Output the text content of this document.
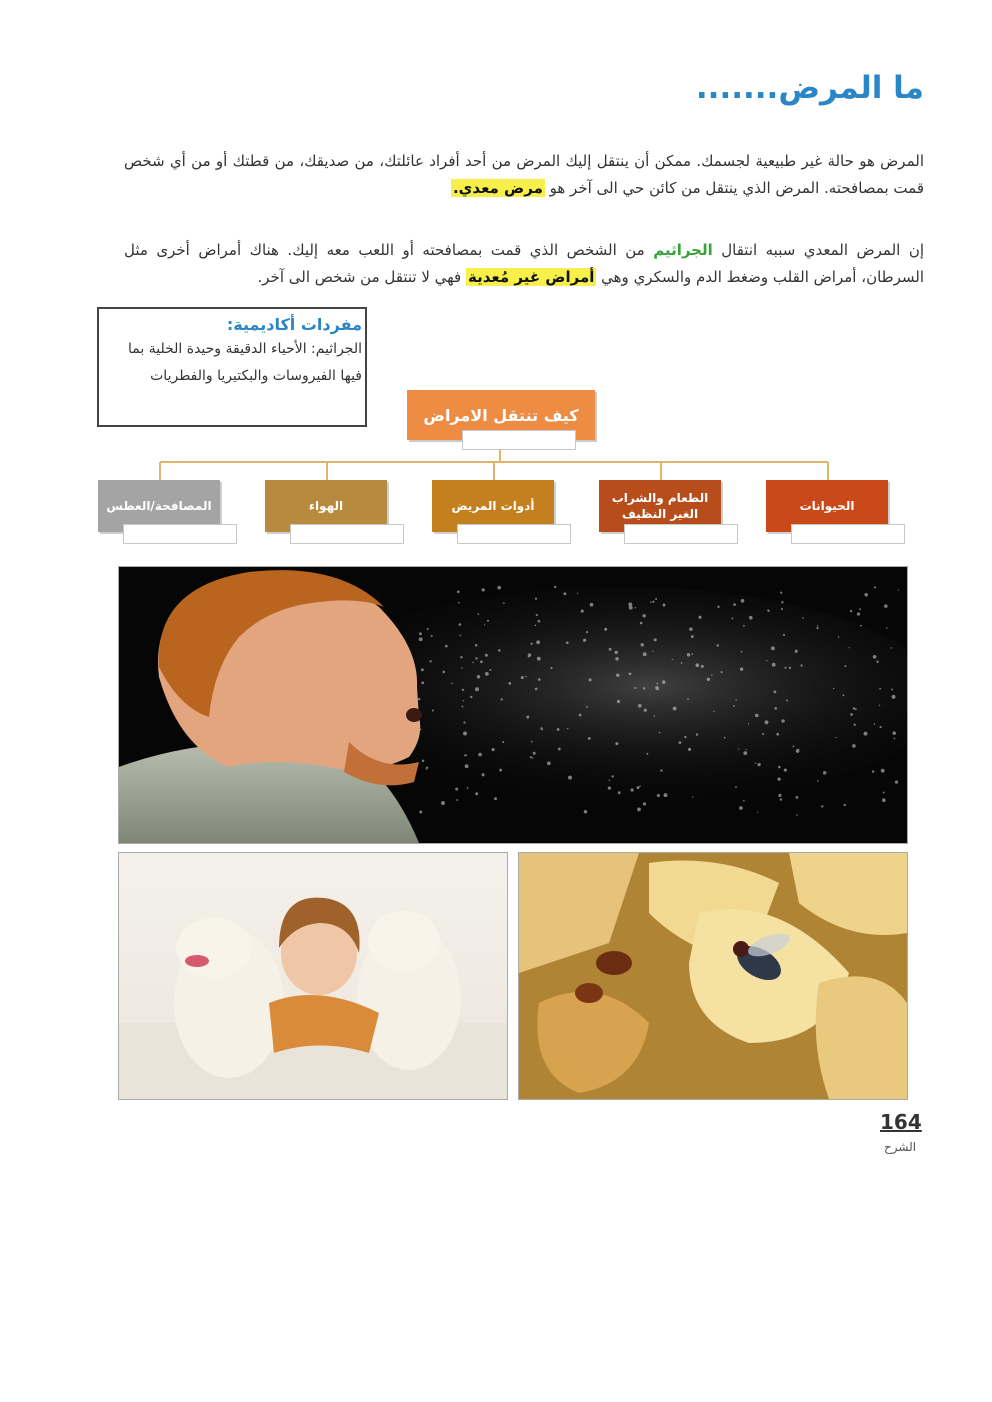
ما المرض.......

المرض هو حالة غير طبيعية لجسمك. ممكن أن ينتقل إليك المرض من أحد أفراد عائلتك، من صديقك، من قطتك أو من أي شخص قمت بمصافحته. المرض الذي ينتقل من كائن حي الى آخر هو مرض معدي.

إن المرض المعدي سببه انتقال الجراثيم من الشخص الذي قمت بمصافحته أو اللعب معه إليك. هناك أمراض أخرى مثل السرطان، أمراض القلب وضغط الدم والسكري وهي أمراض غير مُعدية فهي لا تنتقل من شخص الى آخر.

مفردات أكاديمية:
الجراثيم: الأحياء الدقيقة وحيدة الخلية بما فيها الفيروسات والبكتيريا والفطريات
كيف تنتقل الامراض
الحيوانات
الطعام والشراب الغير النظيف
أدوات المريض
الهواء
المصافحة/العطس
164
الشرح
